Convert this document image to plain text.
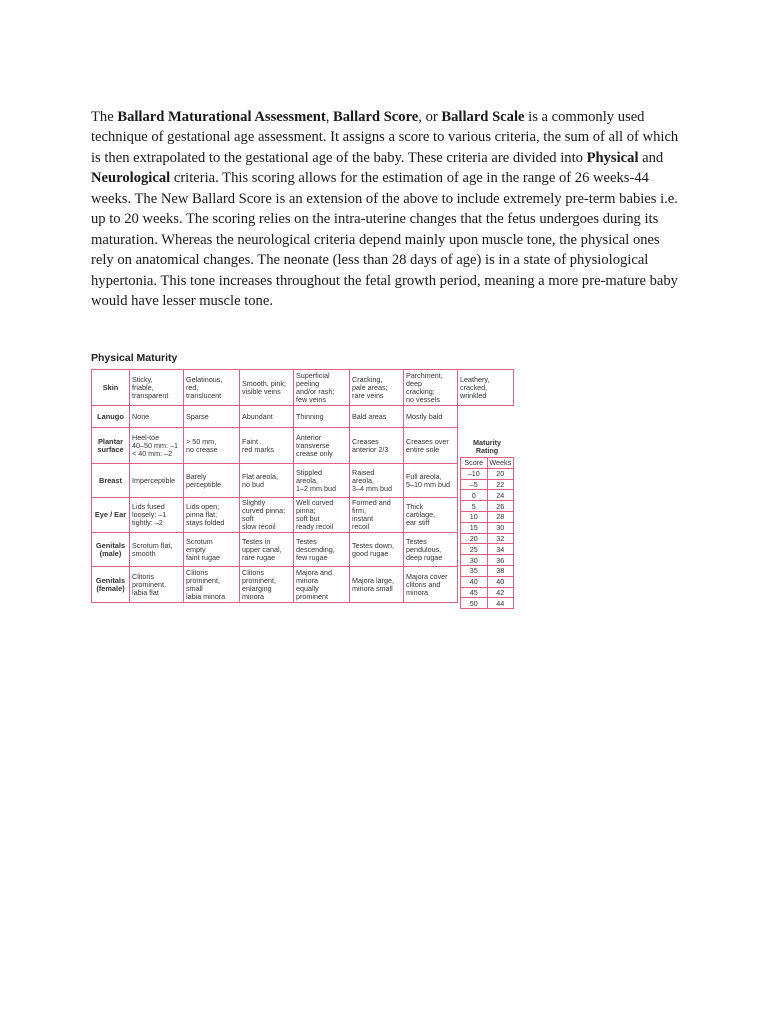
The Ballard Maturational Assessment, Ballard Score, or Ballard Scale is a commonly used technique of gestational age assessment. It assigns a score to various criteria, the sum of all of which is then extrapolated to the gestational age of the baby. These criteria are divided into Physical and Neurological criteria. This scoring allows for the estimation of age in the range of 26 weeks-44 weeks. The New Ballard Score is an extension of the above to include extremely pre-term babies i.e. up to 20 weeks. The scoring relies on the intra-uterine changes that the fetus undergoes during its maturation. Whereas the neurological criteria depend mainly upon muscle tone, the physical ones rely on anatomical changes. The neonate (less than 28 days of age) is in a state of physiological hypertonia. This tone increases throughout the fetal growth period, meaning a more pre-mature baby would have lesser muscle tone.

Physical Maturity
Skin	Sticky,
friable,
transparent	Gelatinous,
red,
translucent	Smooth, pink;
visible veins	Superficial
peeling
and/or rash;
few veins	Cracking,
pale areas;
rare veins	Parchment,
deep
cracking;
no vessels	Leathery,
cracked,
wrinkled
Lanugo	None	Sparse	Abundant	Thinning	Bald areas	Mostly bald	
Plantar
surface	Heel-toe
40–50 mm: –1
< 40 mm: –2	> 50 mm,
no crease	Faint
red marks	Anterior
transverse
crease only	Creases
anterior 2/3	Creases over
entire sole	
Breast	Imperceptible	Barely
perceptible	Flat areola,
no bud	Stippled
areola,
1–2 mm bud	Raised
areola,
3–4 mm bud	Full areola,
5–10 mm bud	
Eye / Ear	Lids fused
loosely: –1
tightly: –2	Lids open;
pinna flat;
stays folded	Slightly
curved pinna;
soft
slow recoil	Well curved
pinna;
soft but
ready recoil	Formed and
firm,
instant
recoil	Thick
cartilage,
ear stiff	
Genitals
(male)	Scrotum flat,
smooth	Scrotum
empty
faint rugae	Testes in
upper canal,
rare rugae	Testes
descending,
few rugae	Testes down,
good rugae	Testes
pendulous,
deep rugae	
Genitals
(female)	Clitoris
prominent,
labia flat	Clitoris
prominent,
small
labia minora	Clitoris
prominent,
enlarging
minora	Majora and
minora
equally
prominent	Majora large,
minora small	Majora cover
clitoris and
minora	
Maturity
Rating
Score	Weeks
–10	20
–5	22
0	24
5	26
10	28
15	30
20	32
25	34
30	36
35	38
40	40
45	42
50	44
